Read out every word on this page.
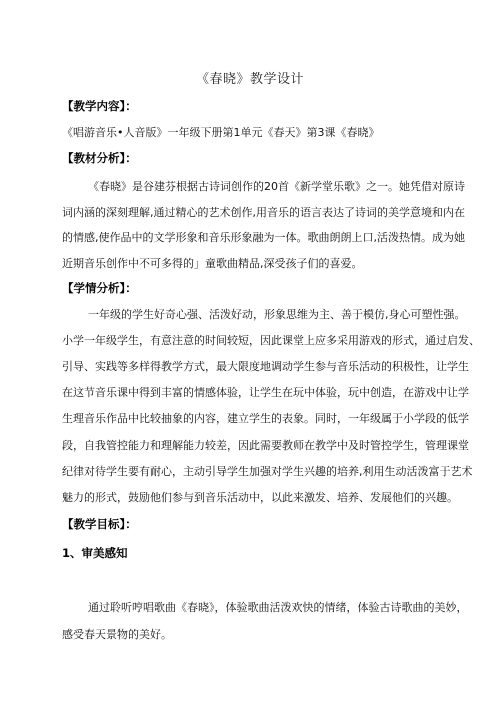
《春晓》教学设计
【教学内容】：
《唱游音乐•人音版》一年级下册第1单元《春天》第3课《春晓》
【教材分析】：
《春晓》是谷建芬根据古诗词创作的20首《新学堂乐歌》之一。她凭借对原诗
词内涵的深刻理解,通过精心的艺术创作,用音乐的语言表达了诗词的美学意境和内在
的情感,使作品中的文学形象和音乐形象融为一体。歌曲朗朗上口,活泼热情。成为她
近期音乐创作中不可多得的」童歌曲精品,深受孩子们的喜爱。
【学情分析】：
一年级的学生好奇心强、活泼好动，形象思维为主、善于模仿,身心可塑性强。
小学一年级学生，有意注意的时间较短，因此课堂上应多采用游戏的形式，通过启发、
引导、实践等多样得教学方式，最大限度地调动学生参与音乐活动的积极性，让学生
在这节音乐课中得到丰富的情感体验，让学生在玩中体验，玩中创造，在游戏中让学
生理音乐作品中比较抽象的内容，建立学生的表象。同时，一年级属于小学段的低学
段，自我管控能力和理解能力较差，因此需要教师在教学中及时管控学生，管理课堂
纪律对待学生要有耐心，主动引导学生加强对学生兴趣的培养,利用生动活泼富于艺术
魅力的形式，鼓励他们参与到音乐活动中，以此来激发、培养、发展他们的兴趣。
【教学目标】：
1、审美感知
通过聆听哼唱歌曲《春晓》，体验歌曲活泼欢快的情绪，体验古诗歌曲的美妙，
感受春天景物的美好。
